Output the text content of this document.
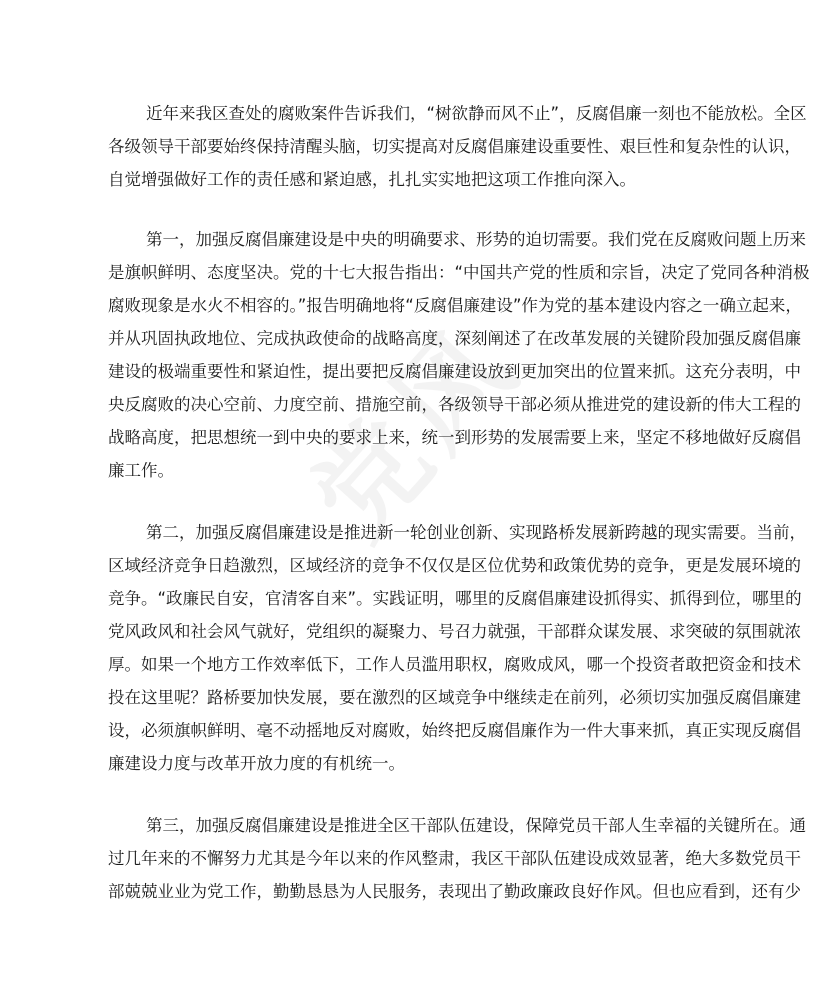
近年来我区查处的腐败案件告诉我们，“树欲静而风不止”，反腐倡廉一刻也不能放松。全区
各级领导干部要始终保持清醒头脑，切实提高对反腐倡廉建设重要性、艰巨性和复杂性的认识，
自觉增强做好工作的责任感和紧迫感，扎扎实实地把这项工作推向深入。
第一，加强反腐倡廉建设是中央的明确要求、形势的迫切需要。我们党在反腐败问题上历来
是旗帜鲜明、态度坚决。党的十七大报告指出：“中国共产党的性质和宗旨，决定了党同各种消极
腐败现象是水火不相容的。”报告明确地将“反腐倡廉建设”作为党的基本建设内容之一确立起来，
并从巩固执政地位、完成执政使命的战略高度，深刻阐述了在改革发展的关键阶段加强反腐倡廉
建设的极端重要性和紧迫性，提出要把反腐倡廉建设放到更加突出的位置来抓。这充分表明，中
央反腐败的决心空前、力度空前、措施空前，各级领导干部必须从推进党的建设新的伟大工程的
战略高度，把思想统一到中央的要求上来，统一到形势的发展需要上来，坚定不移地做好反腐倡
廉工作。
第二，加强反腐倡廉建设是推进新一轮创业创新、实现路桥发展新跨越的现实需要。当前，
区域经济竞争日趋激烈，区域经济的竞争不仅仅是区位优势和政策优势的竞争，更是发展环境的
竞争。“政廉民自安，官清客自来”。实践证明，哪里的反腐倡廉建设抓得实、抓得到位，哪里的
党风政风和社会风气就好，党组织的凝聚力、号召力就强，干部群众谋发展、求突破的氛围就浓
厚。如果一个地方工作效率低下，工作人员滥用职权，腐败成风，哪一个投资者敢把资金和技术
投在这里呢？路桥要加快发展，要在激烈的区域竞争中继续走在前列，必须切实加强反腐倡廉建
设，必须旗帜鲜明、毫不动摇地反对腐败，始终把反腐倡廉作为一件大事来抓，真正实现反腐倡
廉建设力度与改革开放力度的有机统一。
第三，加强反腐倡廉建设是推进全区干部队伍建设，保障党员干部人生幸福的关键所在。通
过几年来的不懈努力尤其是今年以来的作风整肃，我区干部队伍建设成效显著，绝大多数党员干
部兢兢业业为党工作，勤勤恳恳为人民服务，表现出了勤政廉政良好作风。但也应看到，还有少
